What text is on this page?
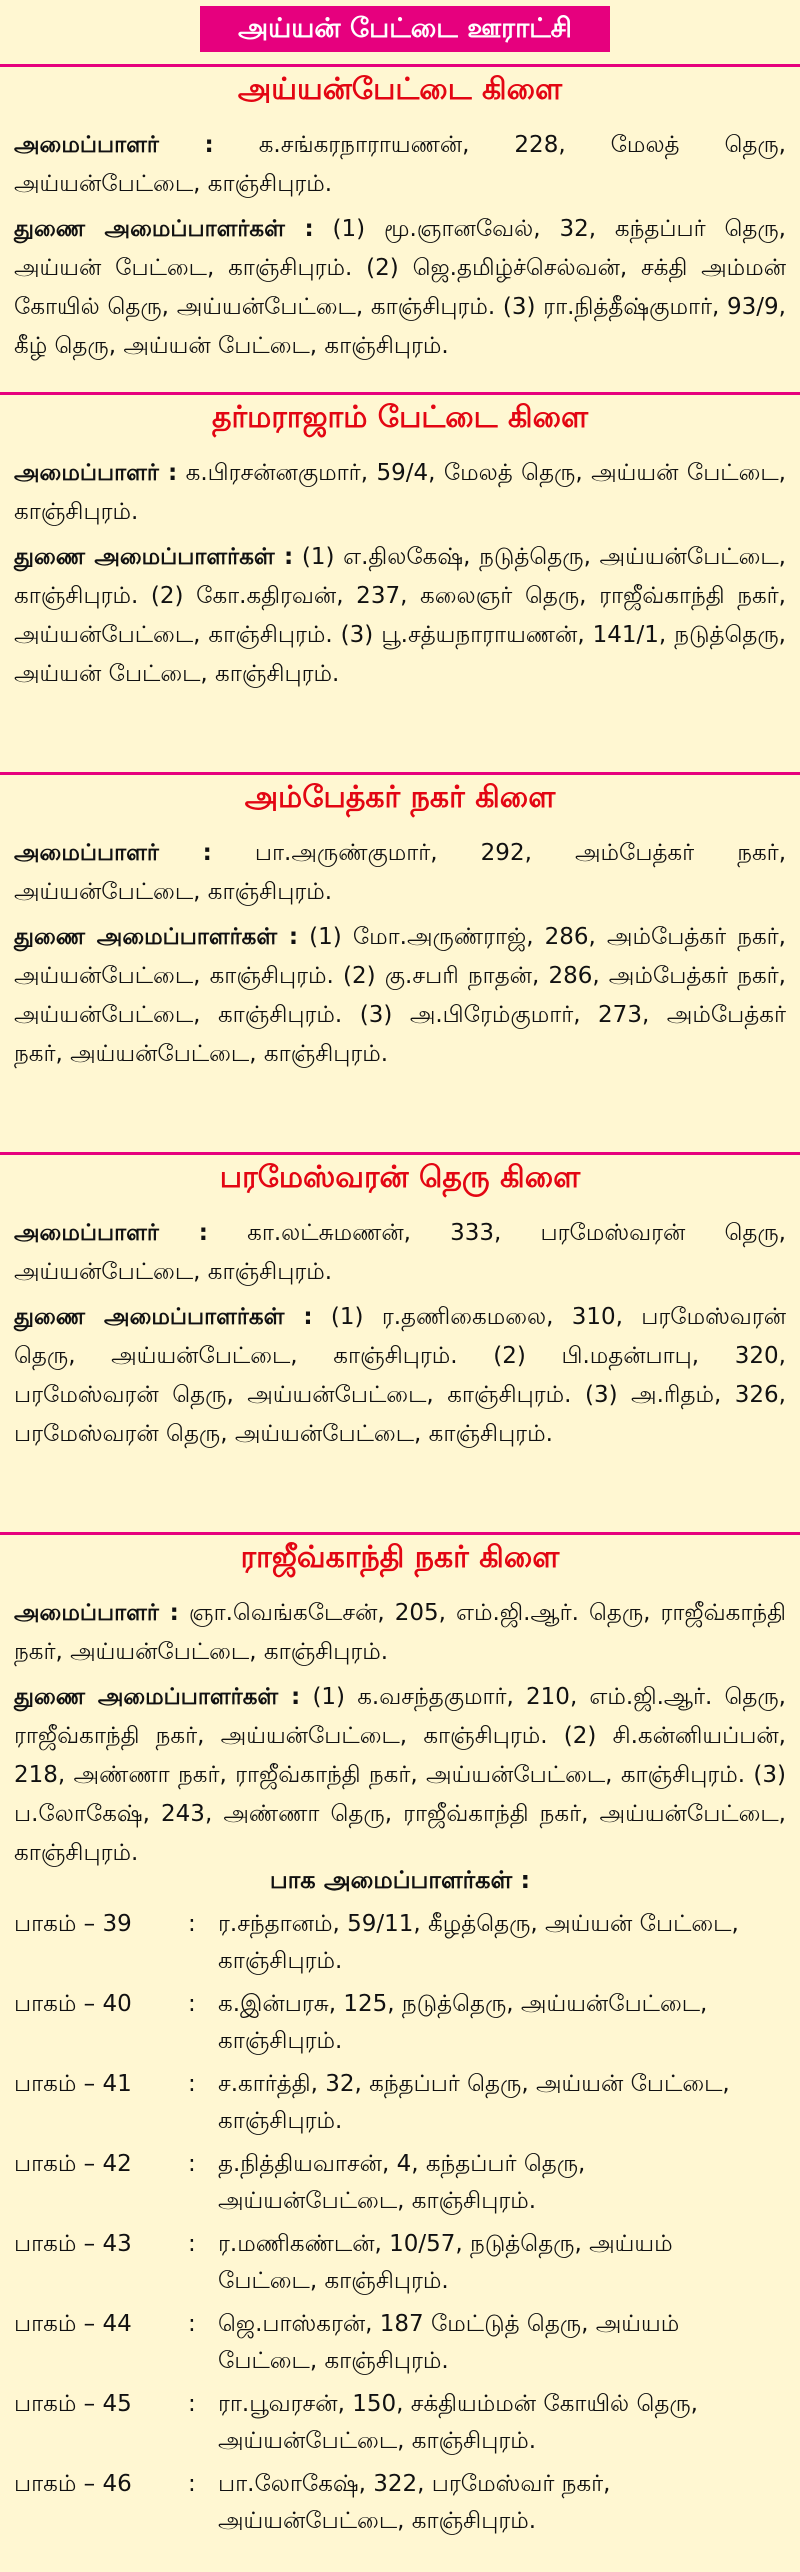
அய்யன் பேட்டை ஊராட்சி
அய்யன்பேட்டை கிளை
அமைப்பாளர் : க.சங்கரநாராயணன், 228, மேலத் தெரு, அய்யன்பேட்டை, காஞ்சிபுரம்.
துணை அமைப்பாளர்கள் : (1) மூ.ஞானவேல், 32, கந்தப்பர் தெரு, அய்யன் பேட்டை, காஞ்சிபுரம். (2) ஜெ.தமிழ்ச்செல்வன், சக்தி அம்மன் கோயில் தெரு, அய்யன்பேட்டை, காஞ்சிபுரம். (3) ரா.நித்தீஷ்குமார், 93/9, கீழ் தெரு, அய்யன் பேட்டை, காஞ்சிபுரம்.
தர்மராஜாம் பேட்டை கிளை
அமைப்பாளர் : க.பிரசன்னகுமார், 59/4, மேலத் தெரு, அய்யன் பேட்டை, காஞ்சிபுரம்.
துணை அமைப்பாளர்கள் : (1) எ.திலகேஷ், நடுத்தெரு, அய்யன்பேட்டை, காஞ்சிபுரம். (2) கோ.கதிரவன், 237, கலைஞர் தெரு, ராஜீவ்காந்தி நகர், அய்யன்பேட்டை, காஞ்சிபுரம். (3) பூ.சத்யநாராயணன், 141/1, நடுத்தெரு, அய்யன் பேட்டை, காஞ்சிபுரம்.
அம்பேத்கர் நகர் கிளை
அமைப்பாளர் : பா.அருண்குமார், 292, அம்பேத்கர் நகர், அய்யன்பேட்டை, காஞ்சிபுரம்.
துணை அமைப்பாளர்கள் : (1) மோ.அருண்ராஜ், 286, அம்பேத்கர் நகர், அய்யன்பேட்டை, காஞ்சிபுரம். (2) கு.சபரி நாதன், 286, அம்பேத்கர் நகர், அய்யன்பேட்டை, காஞ்சிபுரம். (3) அ.பிரேம்குமார், 273, அம்பேத்கர் நகர், அய்யன்பேட்டை, காஞ்சிபுரம்.
பரமேஸ்வரன் தெரு கிளை
அமைப்பாளர் : கா.லட்சுமணன், 333, பரமேஸ்வரன் தெரு, அய்யன்பேட்டை, காஞ்சிபுரம்.
துணை அமைப்பாளர்கள் : (1) ர.தணிகைமலை, 310, பரமேஸ்வரன் தெரு, அய்யன்பேட்டை, காஞ்சிபுரம். (2) பி.மதன்பாபு, 320, பரமேஸ்வரன் தெரு, அய்யன்பேட்டை, காஞ்சிபுரம். (3) அ.ரிதம், 326, பரமேஸ்வரன் தெரு, அய்யன்பேட்டை, காஞ்சிபுரம்.
ராஜீவ்காந்தி நகர் கிளை
அமைப்பாளர் : ஞா.வெங்கடேசன், 205, எம்.ஜி.ஆர். தெரு, ராஜீவ்காந்தி நகர், அய்யன்பேட்டை, காஞ்சிபுரம்.
துணை அமைப்பாளர்கள் : (1) க.வசந்தகுமார், 210, எம்.ஜி.ஆர். தெரு, ராஜீவ்காந்தி நகர், அய்யன்பேட்டை, காஞ்சிபுரம். (2) சி.கன்னியப்பன், 218, அண்ணா நகர், ராஜீவ்காந்தி நகர், அய்யன்பேட்டை, காஞ்சிபுரம். (3) ப.லோகேஷ், 243, அண்ணா தெரு, ராஜீவ்காந்தி நகர், அய்யன்பேட்டை, காஞ்சிபுரம்.
பாக அமைப்பாளர்கள் :
பாகம் – 39	: ர.சந்தானம், 59/11, கீழத்தெரு, அய்யன் பேட்டை, காஞ்சிபுரம்.
பாகம் – 40	: க.இன்பரசு, 125, நடுத்தெரு, அய்யன்பேட்டை, காஞ்சிபுரம்.
பாகம் – 41	: ச.கார்த்தி, 32, கந்தப்பர் தெரு, அய்யன் பேட்டை, காஞ்சிபுரம்.
பாகம் – 42	: த.நித்தியவாசன், 4, கந்தப்பர் தெரு, அய்யன்பேட்டை, காஞ்சிபுரம்.
பாகம் – 43	: ர.மணிகண்டன், 10/57, நடுத்தெரு, அய்யம் பேட்டை, காஞ்சிபுரம்.
பாகம் – 44	: ஜெ.பாஸ்கரன், 187 மேட்டுத் தெரு, அய்யம் பேட்டை, காஞ்சிபுரம்.
பாகம் – 45	: ரா.பூவரசன், 150, சக்தியம்மன் கோயில் தெரு, அய்யன்பேட்டை, காஞ்சிபுரம்.
பாகம் – 46	: பா.லோகேஷ், 322, பரமேஸ்வர் நகர், அய்யன்பேட்டை, காஞ்சிபுரம்.
